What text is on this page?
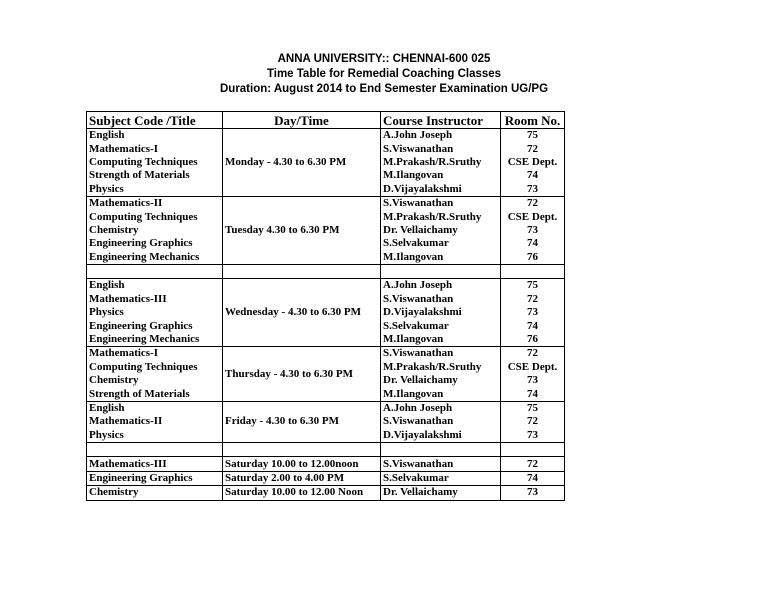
ANNA UNIVERSITY:: CHENNAI-600 025
Time Table for Remedial Coaching Classes
Duration: August 2014 to End Semester Examination UG/PG
Subject Code /Title	Day/Time	Course Instructor	Room No.
English	Monday - 4.30 to 6.30 PM	A.John Joseph	75
Mathematics-I		S.Viswanathan	72
Computing Techniques		M.Prakash/R.Sruthy	CSE Dept.
Strength of Materials		M.Ilangovan	74
Physics		D.Vijayalakshmi	73
Mathematics-II	Tuesday 4.30 to 6.30 PM	S.Viswanathan	72
Computing Techniques		M.Prakash/R.Sruthy	CSE Dept.
Chemistry		Dr. Vellaichamy	73
Engineering Graphics		S.Selvakumar	74
Engineering Mechanics		M.Ilangovan	76

English	Wednesday - 4.30 to 6.30 PM	A.John Joseph	75
Mathematics-III		S.Viswanathan	72
Physics		D.Vijayalakshmi	73
Engineering Graphics		S.Selvakumar	74
Engineering Mechanics		M.Ilangovan	76
Mathematics-I	Thursday - 4.30 to 6.30 PM	S.Viswanathan	72
Computing Techniques		M.Prakash/R.Sruthy	CSE Dept.
Chemistry		Dr. Vellaichamy	73
Strength of Materials		M.Ilangovan	74
English	Friday - 4.30 to 6.30 PM	A.John Joseph	75
Mathematics-II		S.Viswanathan	72
Physics		D.Vijayalakshmi	73

Mathematics-III	Saturday 10.00 to 12.00noon	S.Viswanathan	72
Engineering Graphics	Saturday 2.00 to 4.00 PM	S.Selvakumar	74
Chemistry	Saturday 10.00 to 12.00 Noon	Dr. Vellaichamy	73
